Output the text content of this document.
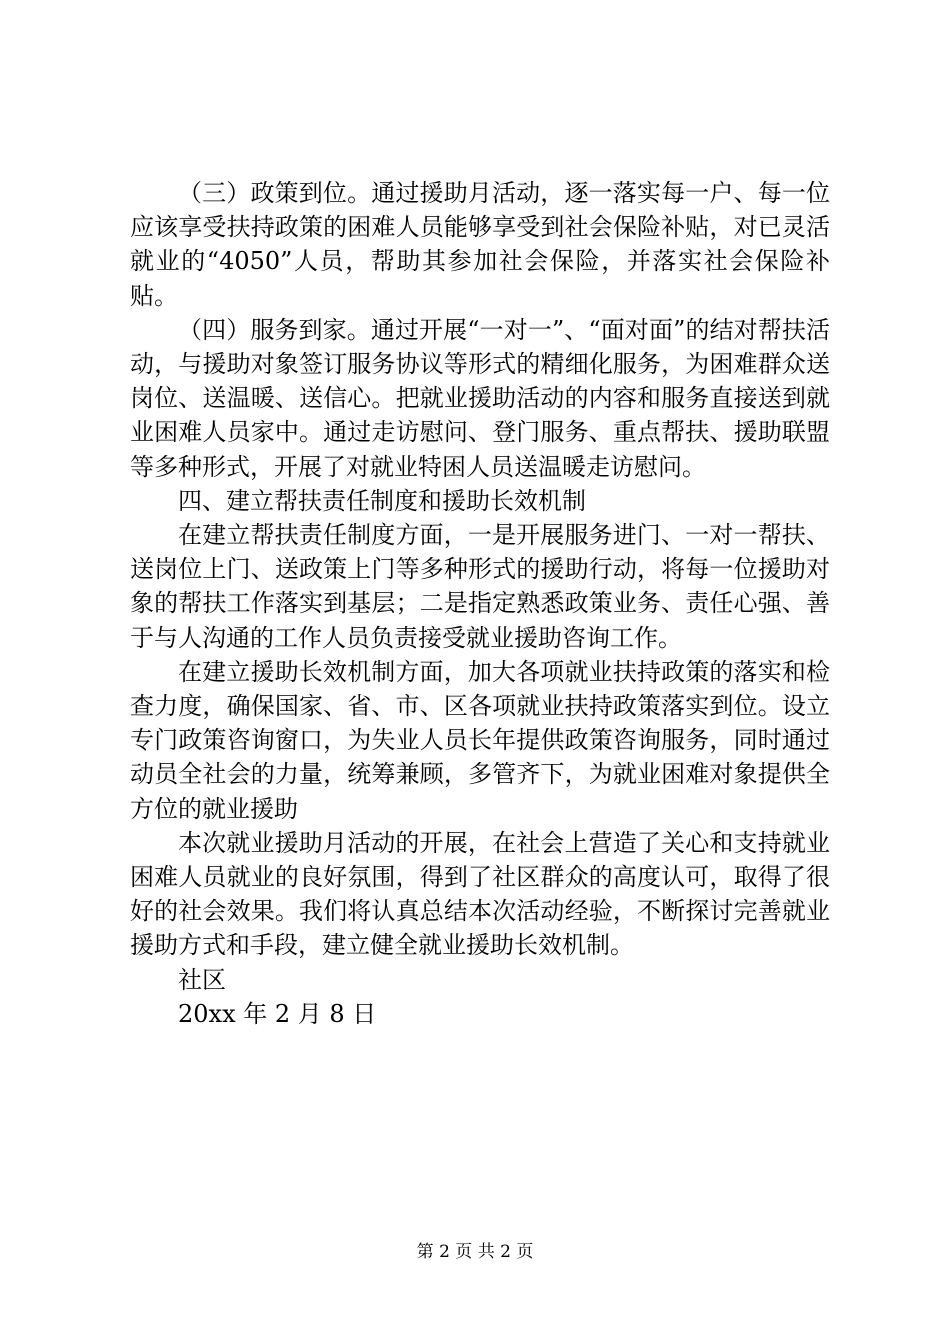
（三）政策到位。通过援助月活动，逐一落实每一户、每一位应该享受扶持政策的困难人员能够享受到社会保险补贴，对已灵活就业的“4050”人员，帮助其参加社会保险，并落实社会保险补贴。

（四）服务到家。通过开展“一对一”、“面对面”的结对帮扶活动，与援助对象签订服务协议等形式的精细化服务，为困难群众送岗位、送温暖、送信心。把就业援助活动的内容和服务直接送到就业困难人员家中。通过走访慰问、登门服务、重点帮扶、援助联盟等多种形式，开展了对就业特困人员送温暖走访慰问。

四、建立帮扶责任制度和援助长效机制

在建立帮扶责任制度方面，一是开展服务进门、一对一帮扶、送岗位上门、送政策上门等多种形式的援助行动，将每一位援助对象的帮扶工作落实到基层；二是指定熟悉政策业务、责任心强、善于与人沟通的工作人员负责接受就业援助咨询工作。

在建立援助长效机制方面，加大各项就业扶持政策的落实和检查力度，确保国家、省、市、区各项就业扶持政策落实到位。设立专门政策咨询窗口，为失业人员长年提供政策咨询服务，同时通过动员全社会的力量，统筹兼顾，多管齐下，为就业困难对象提供全方位的就业援助

本次就业援助月活动的开展，在社会上营造了关心和支持就业困难人员就业的良好氛围，得到了社区群众的高度认可，取得了很好的社会效果。我们将认真总结本次活动经验，不断探讨完善就业援助方式和手段，建立健全就业援助长效机制。

社区

20xx 年 2 月 8 日

第 2 页 共 2 页
